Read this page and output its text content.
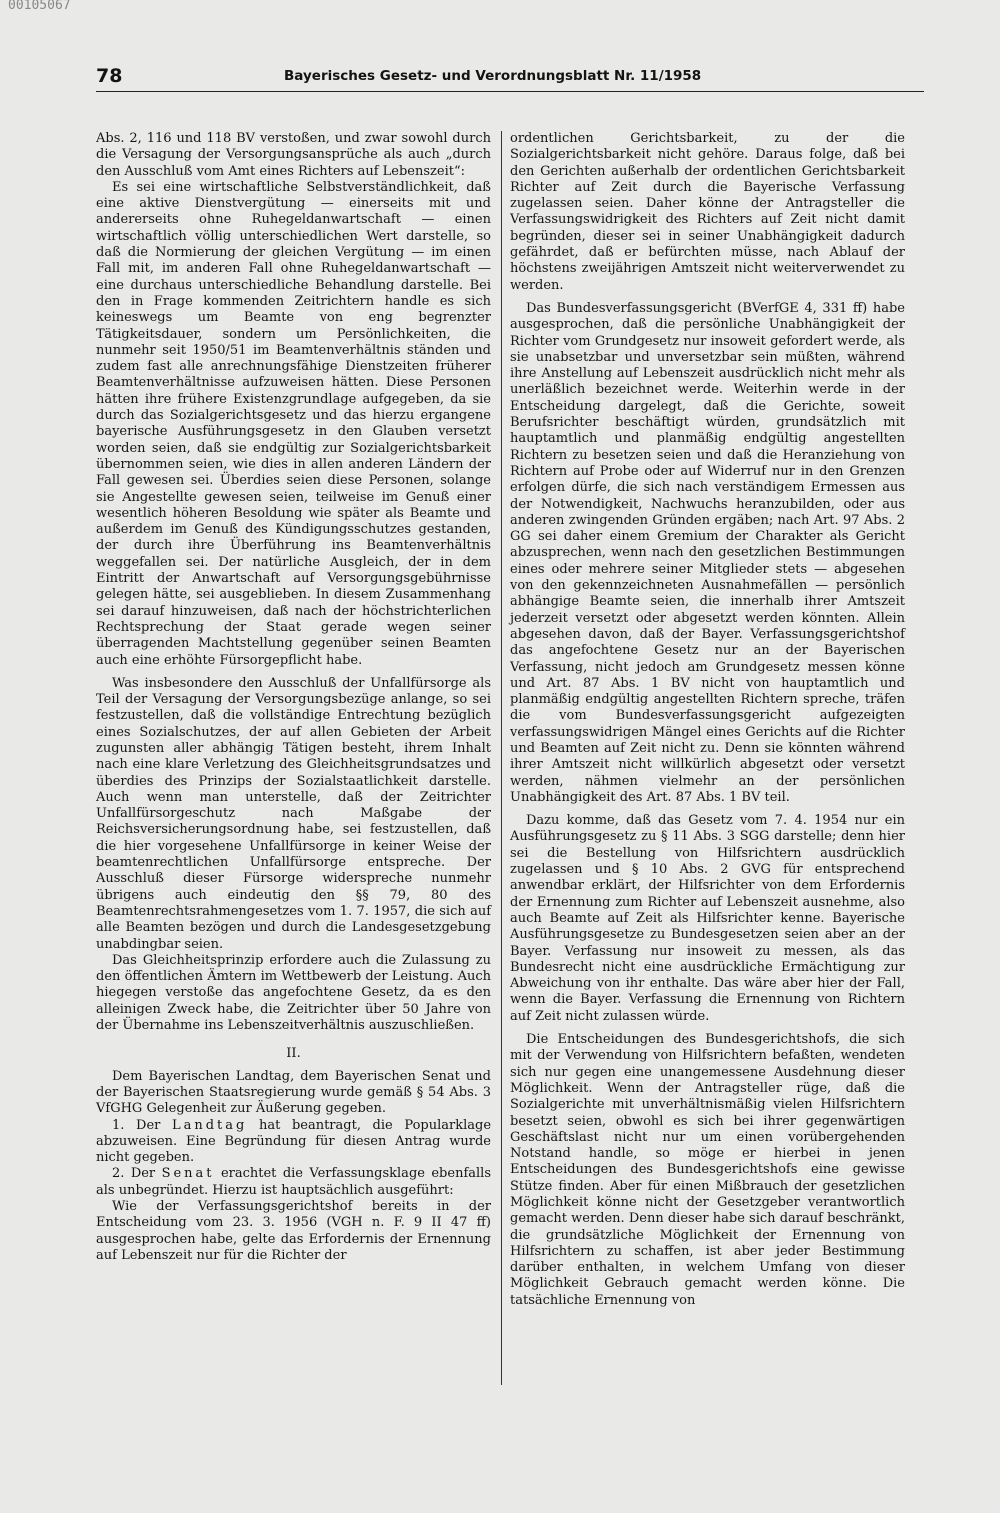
00105067
78	Bayerisches Gesetz- und Verordnungsblatt Nr. 11/1958

Abs. 2, 116 und 118 BV verstoßen, und zwar sowohl durch die Versagung der Versorgungsansprüche als auch „durch den Ausschluß vom Amt eines Richters auf Lebenszeit“:

Es sei eine wirtschaftliche Selbstverständlichkeit, daß eine aktive Dienstvergütung — einerseits mit und andererseits ohne Ruhegeldanwartschaft — einen wirtschaftlich völlig unterschiedlichen Wert darstelle, so daß die Normierung der gleichen Vergütung — im einen Fall mit, im anderen Fall ohne Ruhegeldanwartschaft — eine durchaus unterschiedliche Behandlung darstelle. Bei den in Frage kommenden Zeitrichtern handle es sich keineswegs um Beamte von eng begrenzter Tätigkeitsdauer, sondern um Persönlichkeiten, die nunmehr seit 1950/51 im Beamtenverhältnis ständen und zudem fast alle anrechnungsfähige Dienstzeiten früherer Beamtenverhältnisse aufzuweisen hätten. Diese Personen hätten ihre frühere Existenzgrundlage aufgegeben, da sie durch das Sozialgerichtsgesetz und das hierzu ergangene bayerische Ausführungsgesetz in den Glauben versetzt worden seien, daß sie endgültig zur Sozialgerichtsbarkeit übernommen seien, wie dies in allen anderen Ländern der Fall gewesen sei. Überdies seien diese Personen, solange sie Angestellte gewesen seien, teilweise im Genuß einer wesentlich höheren Besoldung wie später als Beamte und außerdem im Genuß des Kündigungsschutzes gestanden, der durch ihre Überführung ins Beamtenverhältnis weggefallen sei. Der natürliche Ausgleich, der in dem Eintritt der Anwartschaft auf Versorgungsgebührnisse gelegen hätte, sei ausgeblieben. In diesem Zusammenhang sei darauf hinzuweisen, daß nach der höchstrichterlichen Rechtsprechung der Staat gerade wegen seiner überragenden Machtstellung gegenüber seinen Beamten auch eine erhöhte Fürsorgepflicht habe.

Was insbesondere den Ausschluß der Unfallfürsorge als Teil der Versagung der Versorgungsbezüge anlange, so sei festzustellen, daß die vollständige Entrechtung bezüglich eines Sozialschutzes, der auf allen Gebieten der Arbeit zugunsten aller abhängig Tätigen besteht, ihrem Inhalt nach eine klare Verletzung des Gleichheitsgrundsatzes und überdies des Prinzips der Sozialstaatlichkeit darstelle. Auch wenn man unterstelle, daß der Zeitrichter Unfallfürsorgeschutz nach Maßgabe der Reichsversicherungsordnung habe, sei festzustellen, daß die hier vorgesehene Unfallfürsorge in keiner Weise der beamtenrechtlichen Unfallfürsorge entspreche. Der Ausschluß dieser Fürsorge widerspreche nunmehr übrigens auch eindeutig den §§ 79, 80 des Beamtenrechtsrahmengesetzes vom 1. 7. 1957, die sich auf alle Beamten bezögen und durch die Landesgesetzgebung unabdingbar seien.

Das Gleichheitsprinzip erfordere auch die Zulassung zu den öffentlichen Ämtern im Wettbewerb der Leistung. Auch hiegegen verstoße das angefochtene Gesetz, da es den alleinigen Zweck habe, die Zeitrichter über 50 Jahre von der Übernahme ins Lebenszeitverhältnis auszuschließen.

II.

Dem Bayerischen Landtag, dem Bayerischen Senat und der Bayerischen Staatsregierung wurde gemäß § 54 Abs. 3 VfGHG Gelegenheit zur Äußerung gegeben.

1. Der Landtag hat beantragt, die Popularklage abzuweisen. Eine Begründung für diesen Antrag wurde nicht gegeben.

2. Der Senat erachtet die Verfassungsklage ebenfalls als unbegründet. Hierzu ist hauptsächlich ausgeführt:

Wie der Verfassungsgerichtshof bereits in der Entscheidung vom 23. 3. 1956 (VGH n. F. 9 II 47 ff) ausgesprochen habe, gelte das Erfordernis der Ernennung auf Lebenszeit nur für die Richter der

ordentlichen Gerichtsbarkeit, zu der die Sozialgerichtsbarkeit nicht gehöre. Daraus folge, daß bei den Gerichten außerhalb der ordentlichen Gerichtsbarkeit Richter auf Zeit durch die Bayerische Verfassung zugelassen seien. Daher könne der Antragsteller die Verfassungswidrigkeit des Richters auf Zeit nicht damit begründen, dieser sei in seiner Unabhängigkeit dadurch gefährdet, daß er befürchten müsse, nach Ablauf der höchstens zweijährigen Amtszeit nicht weiterverwendet zu werden.

Das Bundesverfassungsgericht (BVerfGE 4, 331 ff) habe ausgesprochen, daß die persönliche Unabhängigkeit der Richter vom Grundgesetz nur insoweit gefordert werde, als sie unabsetzbar und unversetzbar sein müßten, während ihre Anstellung auf Lebenszeit ausdrücklich nicht mehr als unerläßlich bezeichnet werde. Weiterhin werde in der Entscheidung dargelegt, daß die Gerichte, soweit Berufsrichter beschäftigt würden, grundsätzlich mit hauptamtlich und planmäßig endgültig angestellten Richtern zu besetzen seien und daß die Heranziehung von Richtern auf Probe oder auf Widerruf nur in den Grenzen erfolgen dürfe, die sich nach verständigem Ermessen aus der Notwendigkeit, Nachwuchs heranzubilden, oder aus anderen zwingenden Gründen ergäben; nach Art. 97 Abs. 2 GG sei daher einem Gremium der Charakter als Gericht abzusprechen, wenn nach den gesetzlichen Bestimmungen eines oder mehrere seiner Mitglieder stets — abgesehen von den gekennzeichneten Ausnahmefällen — persönlich abhängige Beamte seien, die innerhalb ihrer Amtszeit jederzeit versetzt oder abgesetzt werden könnten. Allein abgesehen davon, daß der Bayer. Verfassungsgerichtshof das angefochtene Gesetz nur an der Bayerischen Verfassung, nicht jedoch am Grundgesetz messen könne und Art. 87 Abs. 1 BV nicht von hauptamtlich und planmäßig endgültig angestellten Richtern spreche, träfen die vom Bundesverfassungsgericht aufgezeigten verfassungswidrigen Mängel eines Gerichts auf die Richter und Beamten auf Zeit nicht zu. Denn sie könnten während ihrer Amtszeit nicht willkürlich abgesetzt oder versetzt werden, nähmen vielmehr an der persönlichen Unabhängigkeit des Art. 87 Abs. 1 BV teil.

Dazu komme, daß das Gesetz vom 7. 4. 1954 nur ein Ausführungsgesetz zu § 11 Abs. 3 SGG darstelle; denn hier sei die Bestellung von Hilfsrichtern ausdrücklich zugelassen und § 10 Abs. 2 GVG für entsprechend anwendbar erklärt, der Hilfsrichter von dem Erfordernis der Ernennung zum Richter auf Lebenszeit ausnehme, also auch Beamte auf Zeit als Hilfsrichter kenne. Bayerische Ausführungsgesetze zu Bundesgesetzen seien aber an der Bayer. Verfassung nur insoweit zu messen, als das Bundesrecht nicht eine ausdrückliche Ermächtigung zur Abweichung von ihr enthalte. Das wäre aber hier der Fall, wenn die Bayer. Verfassung die Ernennung von Richtern auf Zeit nicht zulassen würde.

Die Entscheidungen des Bundesgerichtshofs, die sich mit der Verwendung von Hilfsrichtern befaßten, wendeten sich nur gegen eine unangemessene Ausdehnung dieser Möglichkeit. Wenn der Antragsteller rüge, daß die Sozialgerichte mit unverhältnismäßig vielen Hilfsrichtern besetzt seien, obwohl es sich bei ihrer gegenwärtigen Geschäftslast nicht nur um einen vorübergehenden Notstand handle, so möge er hierbei in jenen Entscheidungen des Bundesgerichtshofs eine gewisse Stütze finden. Aber für einen Mißbrauch der gesetzlichen Möglichkeit könne nicht der Gesetzgeber verantwortlich gemacht werden. Denn dieser habe sich darauf beschränkt, die grundsätzliche Möglichkeit der Ernennung von Hilfsrichtern zu schaffen, ist aber jeder Bestimmung darüber enthalten, in welchem Umfang von dieser Möglichkeit Gebrauch gemacht werden könne. Die tatsächliche Ernennung von
